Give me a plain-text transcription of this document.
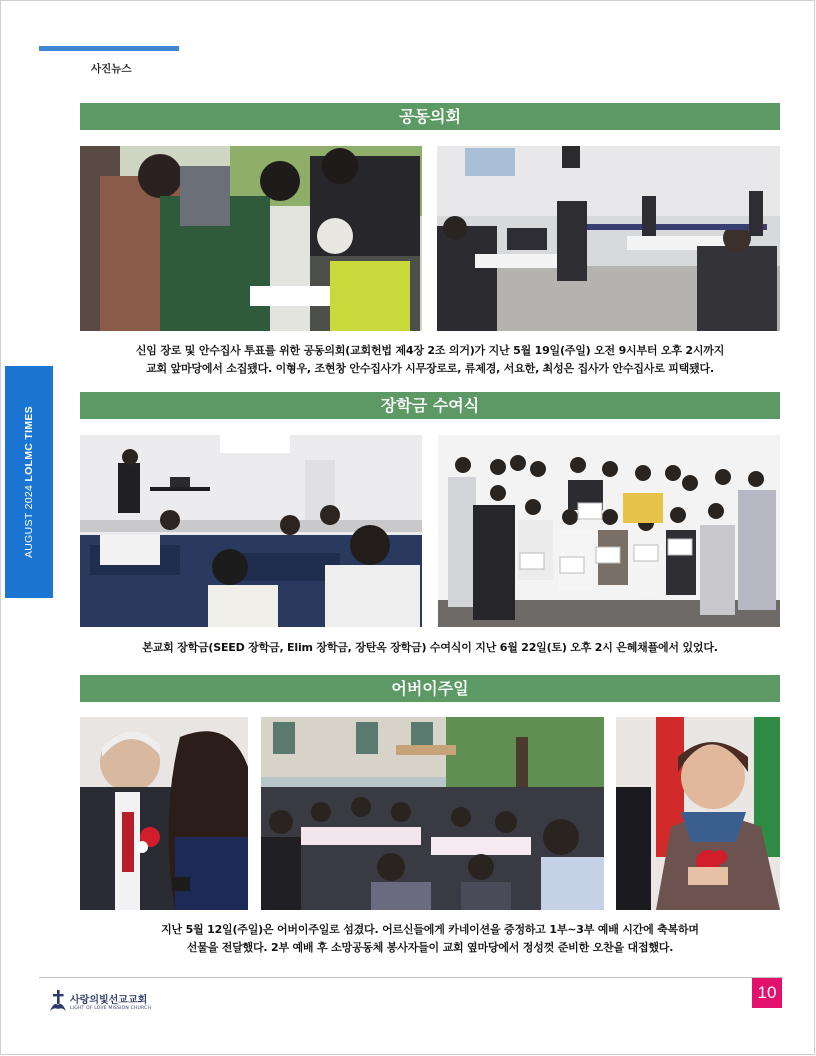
사진뉴스
AUGUST 2024 LOLMC TIMES
공동의회
신임 장로 및 안수집사 투표를 위한 공동의회(교회헌법 제4장 2조 의거)가 지난 5월 19일(주일) 오전 9시부터 오후 2시까지
교회 앞마당에서 소집됐다. 이형우, 조현창 안수집사가 시무장로로, 류제경, 서요한, 최성은 집사가 안수집사로 피택됐다.
장학금 수여식
본교회 장학금(SEED 장학금, Elim 장학금, 장탄옥 장학금) 수여식이 지난 6월 22일(토) 오후 2시 은혜채플에서 있었다.
어버이주일
지난 5월 12일(주일)은 어버이주일로 섬겼다. 어르신들에게 카네이션을 증정하고 1부~3부 예배 시간에 축복하며
선물을 전달했다. 2부 예배 후 소망공동체 봉사자들이 교회 옆마당에서 정성껏 준비한 오찬을 대접했다.
사랑의빛선교교회
LIGHT OF LOVE MISSION CHURCH
10
